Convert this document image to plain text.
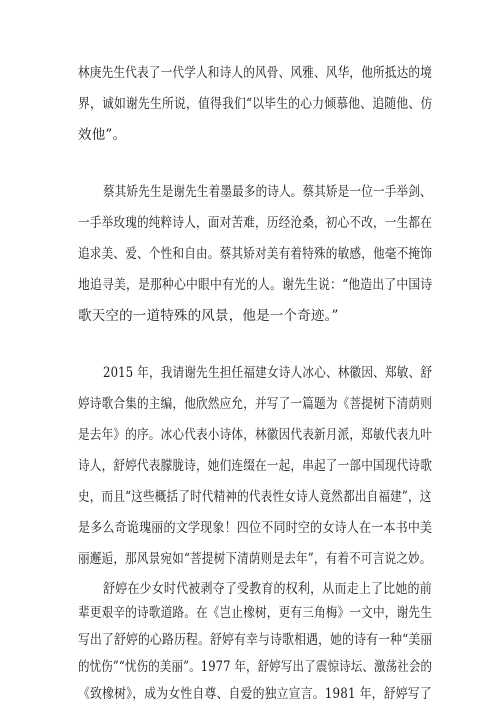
林庚先生代表了一代学人和诗人的风骨、风雅、风华，他所抵达的境
界，诚如谢先生所说，值得我们“以毕生的心力倾慕他、追随他、仿
效他”。
蔡其矫先生是谢先生着墨最多的诗人。蔡其矫是一位一手举剑、
一手举玫瑰的纯粹诗人，面对苦难，历经沧桑，初心不改，一生都在
追求美、爱、个性和自由。蔡其矫对美有着特殊的敏感，他毫不掩饰
地追寻美，是那种心中眼中有光的人。谢先生说：“他造出了中国诗
歌天空的一道特殊的风景，他是一个奇迹。”
2015 年，我请谢先生担任福建女诗人冰心、林徽因、郑敏、舒
婷诗歌合集的主编，他欣然应允，并写了一篇题为《菩提树下清荫则
是去年》的序。冰心代表小诗体，林徽因代表新月派，郑敏代表九叶
诗人，舒婷代表朦胧诗，她们连缀在一起，串起了一部中国现代诗歌
史，而且“这些概括了时代精神的代表性女诗人竟然都出自福建”，这
是多么奇诡瑰丽的文学现象！四位不同时空的女诗人在一本书中美
丽邂逅，那风景宛如“菩提树下清荫则是去年”，有着不可言说之妙。
舒婷在少女时代被剥夺了受教育的权利，从而走上了比她的前
辈更艰辛的诗歌道路。在《岂止橡树，更有三角梅》一文中，谢先生
写出了舒婷的心路历程。舒婷有幸与诗歌相遇，她的诗有一种“美丽
的忧伤”“忧伤的美丽”。1977 年，舒婷写出了震惊诗坛、激荡社会的
《致橡树》，成为女性自尊、自爱的独立宣言。1981 年，舒婷写了
